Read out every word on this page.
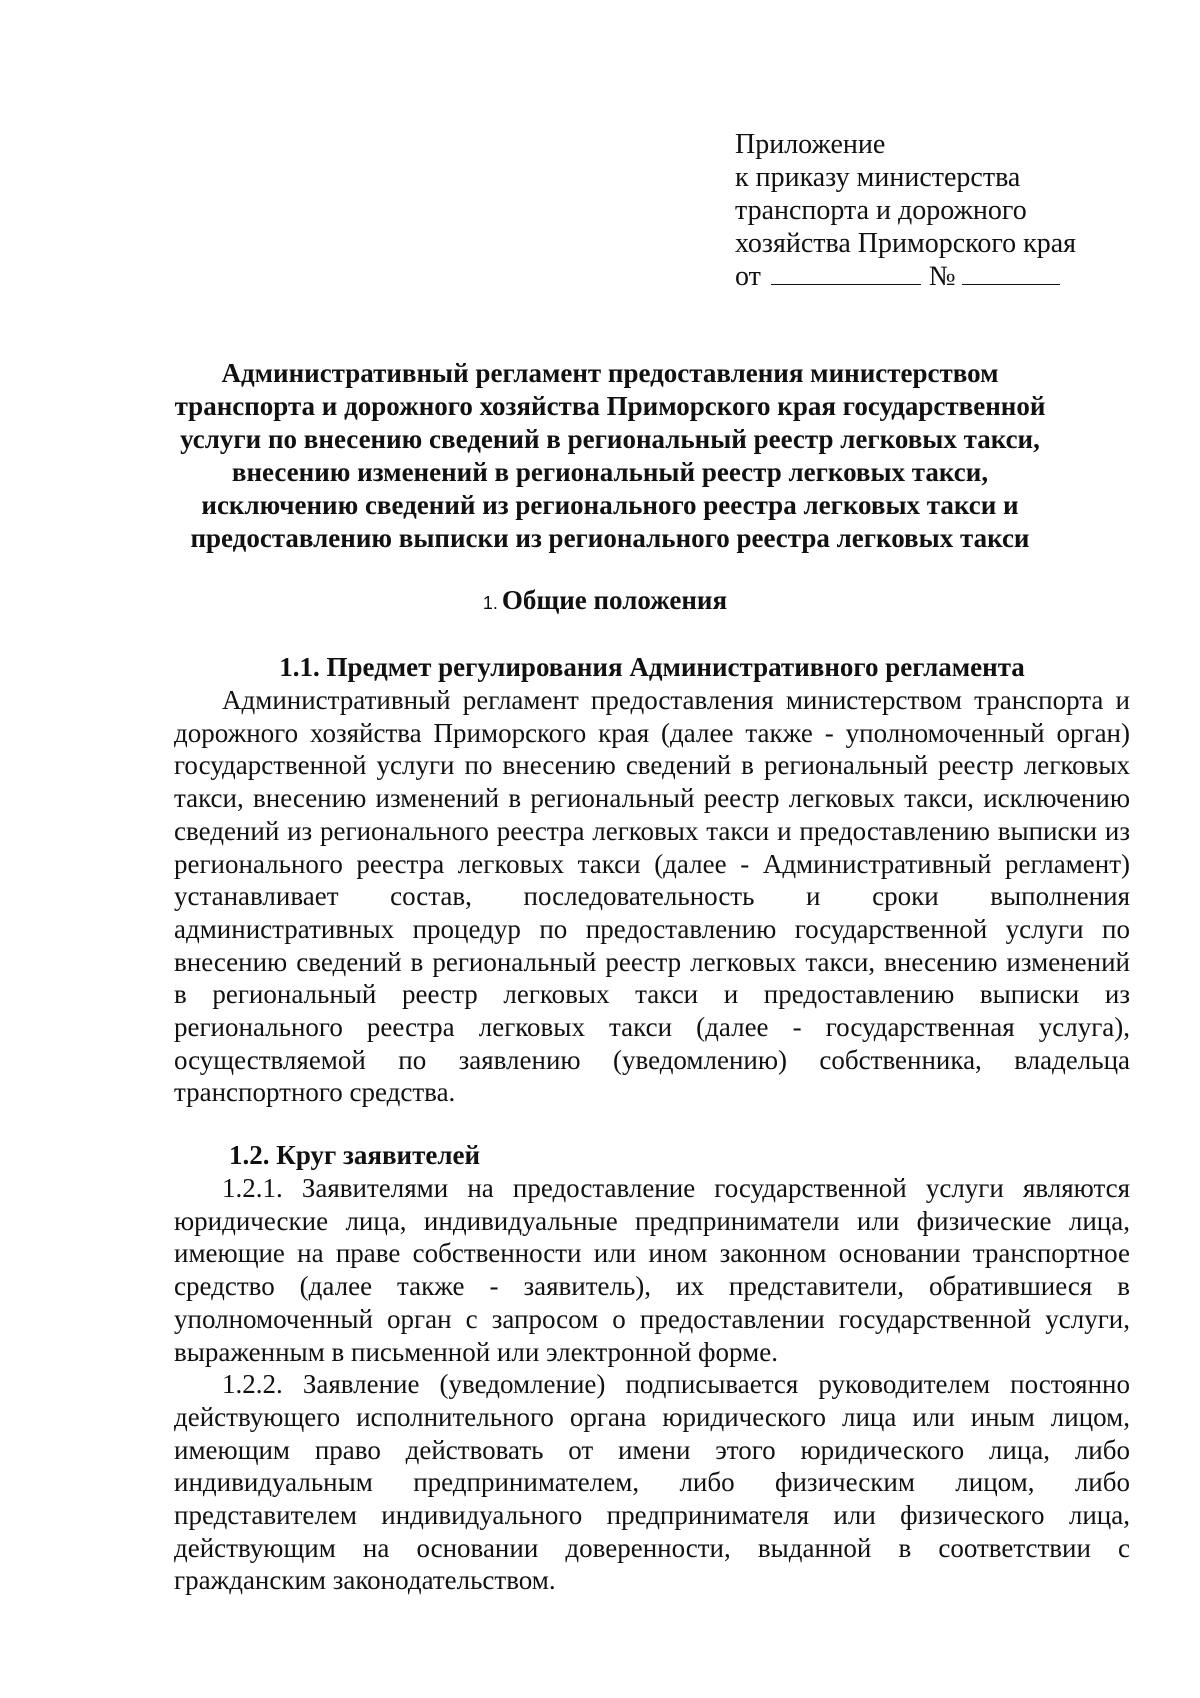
Приложение
к приказу министерства
транспорта и дорожного
хозяйства Приморского края
от	№
Административный регламент предоставления министерством транспорта и дорожного хозяйства Приморского края государственной услуги по внесению сведений в региональный реестр легковых такси, внесению изменений в региональный реестр легковых такси, исключению сведений из регионального реестра легковых такси и предоставлению выписки из регионального реестра легковых такси
1. Общие положения
1.1. Предмет регулирования Административного регламента

Административный регламент предоставления министерством транспорта и дорожного хозяйства Приморского края (далее также - уполномоченный орган) государственной услуги по внесению сведений в региональный реестр легковых такси, внесению изменений в региональный реестр легковых такси, исключению сведений из регионального реестра легковых такси и предоставлению выписки из регионального реестра легковых такси (далее - Административный регламент) устанавливает состав, последовательность и сроки выполнения административных процедур по предоставлению государственной услуги по внесению сведений в региональный реестр легковых такси, внесению изменений в региональный реестр легковых такси и предоставлению выписки из регионального реестра легковых такси (далее - государственная услуга), осуществляемой по заявлению (уведомлению) собственника, владельца транспортного средства.

1.2. Круг заявителей

1.2.1. Заявителями на предоставление государственной услуги являются юридические лица, индивидуальные предприниматели или физические лица, имеющие на праве собственности или ином законном основании транспортное средство (далее также - заявитель), их представители, обратившиеся в уполномоченный орган с запросом о предоставлении государственной услуги, выраженным в письменной или электронной форме.

1.2.2. Заявление (уведомление) подписывается руководителем постоянно действующего исполнительного органа юридического лица или иным лицом, имеющим право действовать от имени этого юридического лица, либо индивидуальным предпринимателем, либо физическим лицом, либо представителем индивидуального предпринимателя или физического лица, действующим на основании доверенности, выданной в соответствии с гражданским законодательством.
